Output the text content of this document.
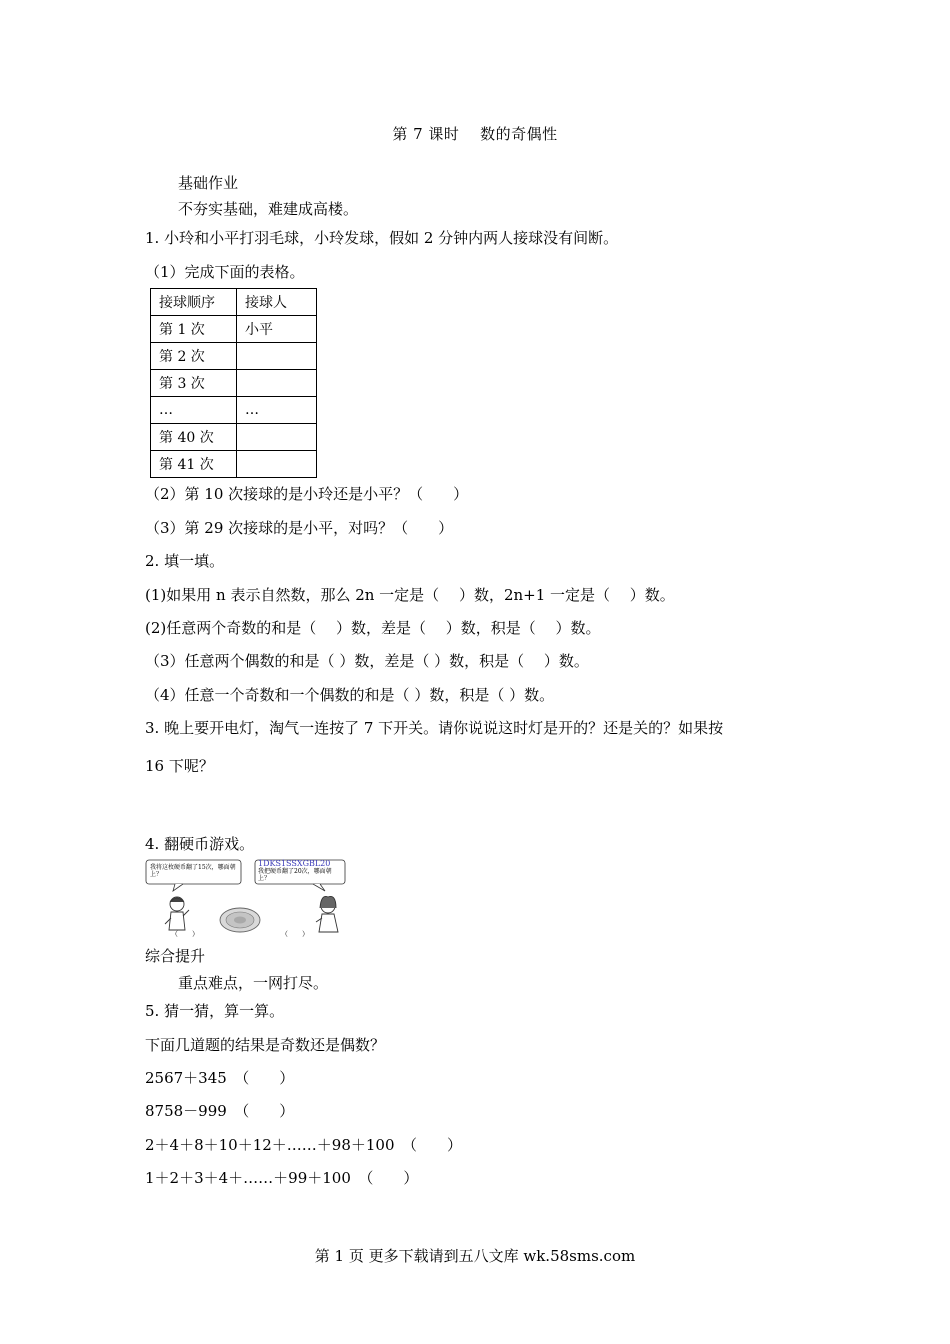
第 7 课时　 数的奇偶性
基础作业
不夯实基础，难建成高楼。
1. 小玲和小平打羽毛球，小玲发球，假如 2 分钟内两人接球没有间断。
（1）完成下面的表格。
接球顺序	接球人
第 1 次	小平
第 2 次	
第 3 次	
…	…
第 40 次	
第 41 次	
（2）第 10 次接球的是小玲还是小平？（　　）
（3）第 29 次接球的是小平，对吗？（　　）
2. 填一填。
(1)如果用 n 表示自然数，那么 2n 一定是（　 ）数，2n+1 一定是（　 ）数。
(2)任意两个奇数的和是（　 ）数，差是（　 ）数，积是（　 ）数。
（3）任意两个偶数的和是（ ）数，差是（ ）数，积是（　 ）数。
（4）任意一个奇数和一个偶数的和是（ ）数，积是（ ）数。
3. 晚上要开电灯，淘气一连按了 7 下开关。请你说说这时灯是开的？还是关的？如果按
16 下呢？
4. 翻硬币游戏。
我将这枚硬币翻了15次，哪面朝上？
1DKS1SSXGBL20
我把硬币翻了20次，哪面朝上？
（　　）	（　　）
综合提升
重点难点，一网打尽。
5. 猜一猜，算一算。
下面几道题的结果是奇数还是偶数？
2567＋345　（　　）
8758－999　（　　）
2＋4＋8＋10＋12＋……＋98＋100　（　　）
1＋2＋3＋4＋……＋99＋100　（　　）
第 1 页 更多下载请到五八文库 wk.58sms.com
